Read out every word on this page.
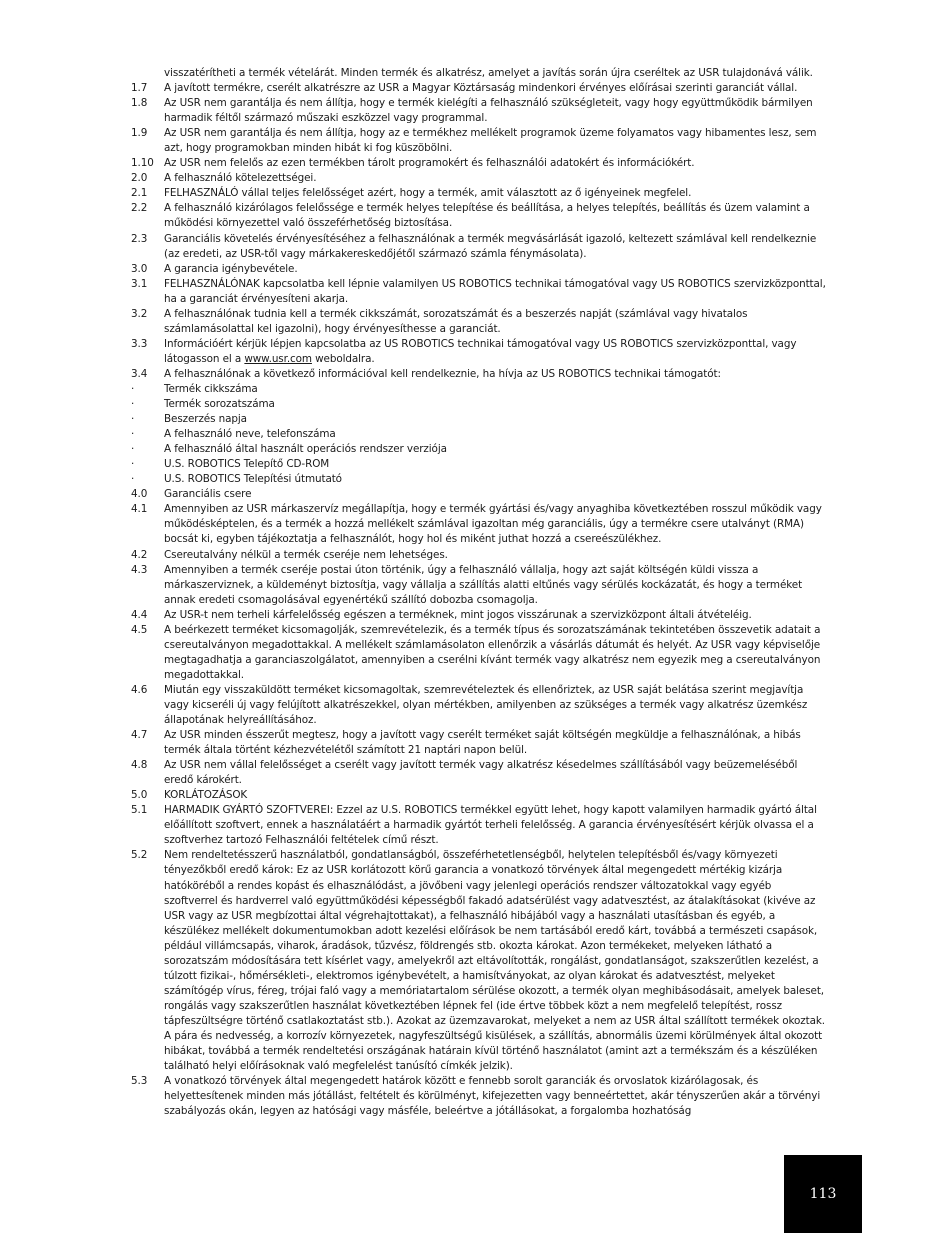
visszatérítheti a termék vételárát. Minden termék és alkatrész, amelyet a javítás során újra cseréltek az USR tulajdonává válik.
1.7	A javított termékre, cserélt alkatrészre az USR a Magyar Köztársaság mindenkori érvényes előírásai szerinti garanciát vállal.
1.8	Az USR nem garantálja és nem állítja, hogy e termék kielégíti a felhasználó szükségleteit, vagy hogy együttműködik bármilyen harmadik féltől származó műszaki eszközzel vagy programmal.
1.9	Az USR nem garantálja és nem állítja, hogy az e termékhez mellékelt programok üzeme folyamatos vagy hibamentes lesz, sem azt, hogy programokban minden hibát ki fog küszöbölni.
1.10 Az USR nem felelős az ezen termékben tárolt programokért és felhasználói adatokért és információkért.
2.0	A felhasználó kötelezettségei.
2.1	FELHASZNÁLÓ vállal teljes felelősséget azért, hogy a termék, amit választott az ő igényeinek megfelel.
2.2	A felhasználó kizárólagos felelőssége e termék helyes telepítése és beállítása, a helyes telepítés, beállítás és üzem valamint a működési környezettel való összeférhetőség biztosítása.
2.3	Garanciális követelés érvényesítéséhez a felhasználónak a termék megvásárlását igazoló, keltezett számlával kell rendelkeznie (az eredeti, az USR-től vagy márkakereskedőjétől származó számla fénymásolata).
3.0	A garancia igénybevétele.
3.1	FELHASZNÁLÓNAK kapcsolatba kell lépnie valamilyen US ROBOTICS technikai támogatóval vagy US ROBOTICS szervizközponttal, ha a garanciát érvényesíteni akarja.
3.2	A felhasználónak tudnia kell a termék cikkszámát, sorozatszámát és a beszerzés napját (számlával vagy hivatalos számlamásolattal kel igazolni), hogy érvényesíthesse a garanciát.
3.3	Információért kérjük lépjen kapcsolatba az US ROBOTICS technikai támogatóval vagy US ROBOTICS szervizközponttal, vagy látogasson el a www.usr.com weboldalra.
3.4	A felhasználónak a következő információval kell rendelkeznie, ha hívja az US ROBOTICS technikai támogatót:
·	Termék cikkszáma
·	Termék sorozatszáma
·	Beszerzés napja
·	A felhasználó neve, telefonszáma
·	A felhasználó által használt operációs rendszer verziója
·	U.S. ROBOTICS Telepítő CD-ROM
·	U.S. ROBOTICS Telepítési útmutató
4.0	Garanciális csere
4.1	Amennyiben az USR márkaszervíz megállapítja, hogy e termék gyártási és/vagy anyaghiba következtében rosszul működik vagy működésképtelen, és a termék a hozzá mellékelt számlával igazoltan még garanciális, úgy a termékre csere utalványt (RMA) bocsát ki, egyben tájékoztatja a felhasználót, hogy hol és miként juthat hozzá a csereészülékhez.
4.2	Csereutalvány nélkül a termék cseréje nem lehetséges.
4.3	Amennyiben a termék cseréje postai úton történik, úgy a felhasználó vállalja, hogy azt saját költségén küldi vissza a márkaszerviznek, a küldeményt biztosítja, vagy vállalja a szállítás alatti eltűnés vagy sérülés kockázatát, és hogy a terméket annak eredeti csomagolásával egyenértékű szállító dobozba csomagolja.
4.4	Az USR-t nem terheli kárfelelősség egészen a terméknek, mint jogos visszárunak a szervizközpont általi átvételéig.
4.5	A beérkezett terméket kicsomagolják, szemrevételezik, és a termék típus és sorozatszámának tekintetében összevetik adatait a csereutalványon megadottakkal. A mellékelt számlamásolaton ellenőrzik a vásárlás dátumát és helyét. Az USR vagy képviselője megtagadhatja a garanciaszolgálatot, amennyiben a cserélni kívánt termék vagy alkatrész nem egyezik meg a csereutalványon megadottakkal.
4.6	Miután egy visszaküldött terméket kicsomagoltak, szemrevételeztek és ellenőriztek, az USR saját belátása szerint megjavítja vagy kicseréli új vagy felújított alkatrészekkel, olyan mértékben, amilyenben az szükséges a termék vagy alkatrész üzemkész állapotának helyreállításához.
4.7	Az USR minden ésszerűt megtesz, hogy a javított vagy cserélt terméket saját költségén megküldje a felhasználónak, a hibás termék általa történt kézhezvételétől számított 21 naptári napon belül.
4.8	Az USR nem vállal felelősséget a cserélt vagy javított termék vagy alkatrész késedelmes szállításából vagy beüzemeléséből eredő károkért.
5.0	KORLÁTOZÁSOK
5.1	HARMADIK GYÁRTÓ SZOFTVEREI: Ezzel az U.S. ROBOTICS termékkel együtt lehet, hogy kapott valamilyen harmadik gyártó által előállított szoftvert, ennek a használatáért a harmadik gyártót terheli felelősség. A garancia érvényesítésért kérjük olvassa el a szoftverhez tartozó Felhasználói feltételek című részt.
5.2	Nem rendeltetésszerű használatból, gondatlanságból, összeférhetetlenségből, helytelen telepítésből és/vagy környezeti tényezőkből eredő károk: Ez az USR korlátozott körű garancia a vonatkozó törvények által megengedett mértékig kizárja hatóköréből a rendes kopást és elhasználódást, a jövőbeni vagy jelenlegi operációs rendszer változatokkal vagy egyéb szoftverrel és hardverrel való együttműködési képességből fakadó adatsérülést vagy adatvesztést, az átalakításokat (kivéve az USR vagy az USR megbízottai által végrehajtottakat), a felhasználó hibájából vagy a használati utasításban és egyéb, a készülékez mellékelt dokumentumokban adott kezelési előírások be nem tartásából eredő kárt, továbbá a természeti csapások, például villámcsapás, viharok, áradások, tűzvész, földrengés stb. okozta károkat. Azon termékeket, melyeken látható a sorozatszám módosítására tett kísérlet vagy, amelyekről azt eltávolították, rongálást, gondatlanságot, szakszerűtlen kezelést, a túlzott fizikai-, hőmérsékleti-, elektromos igénybevételt, a hamisítványokat, az olyan károkat és adatvesztést, melyeket számítógép vírus, féreg, trójai faló vagy a memóriatartalom sérülése okozott, a termék olyan meghibásodásait, amelyek baleset, rongálás vagy szakszerűtlen használat következtében lépnek fel (ide értve többek közt a nem megfelelő telepítést, rossz tápfeszültségre történő csatlakoztatást stb.). Azokat az üzemzavarokat, melyeket a nem az USR által szállított termékek okoztak. A pára és nedvesség, a korrozív környezetek, nagyfeszültségű kisülések, a szállítás, abnormális üzemi körülmények által okozott hibákat, továbbá a termék rendeltetési országának határain kívül történő használatot (amint azt a termékszám és a készüléken található helyi előírásoknak való megfelelést tanúsító címkék jelzik).
5.3	A vonatkozó törvények által megengedett határok között e fennebb sorolt garanciák és orvoslatok kizárólagosak, és helyettesítenek minden más jótállást, feltételt és körülményt, kifejezetten vagy benneértettet, akár tényszerűen akár a törvényi szabályozás okán, legyen az hatósági vagy másféle, beleértve a jótállásokat, a forgalomba hozhatóság
113
